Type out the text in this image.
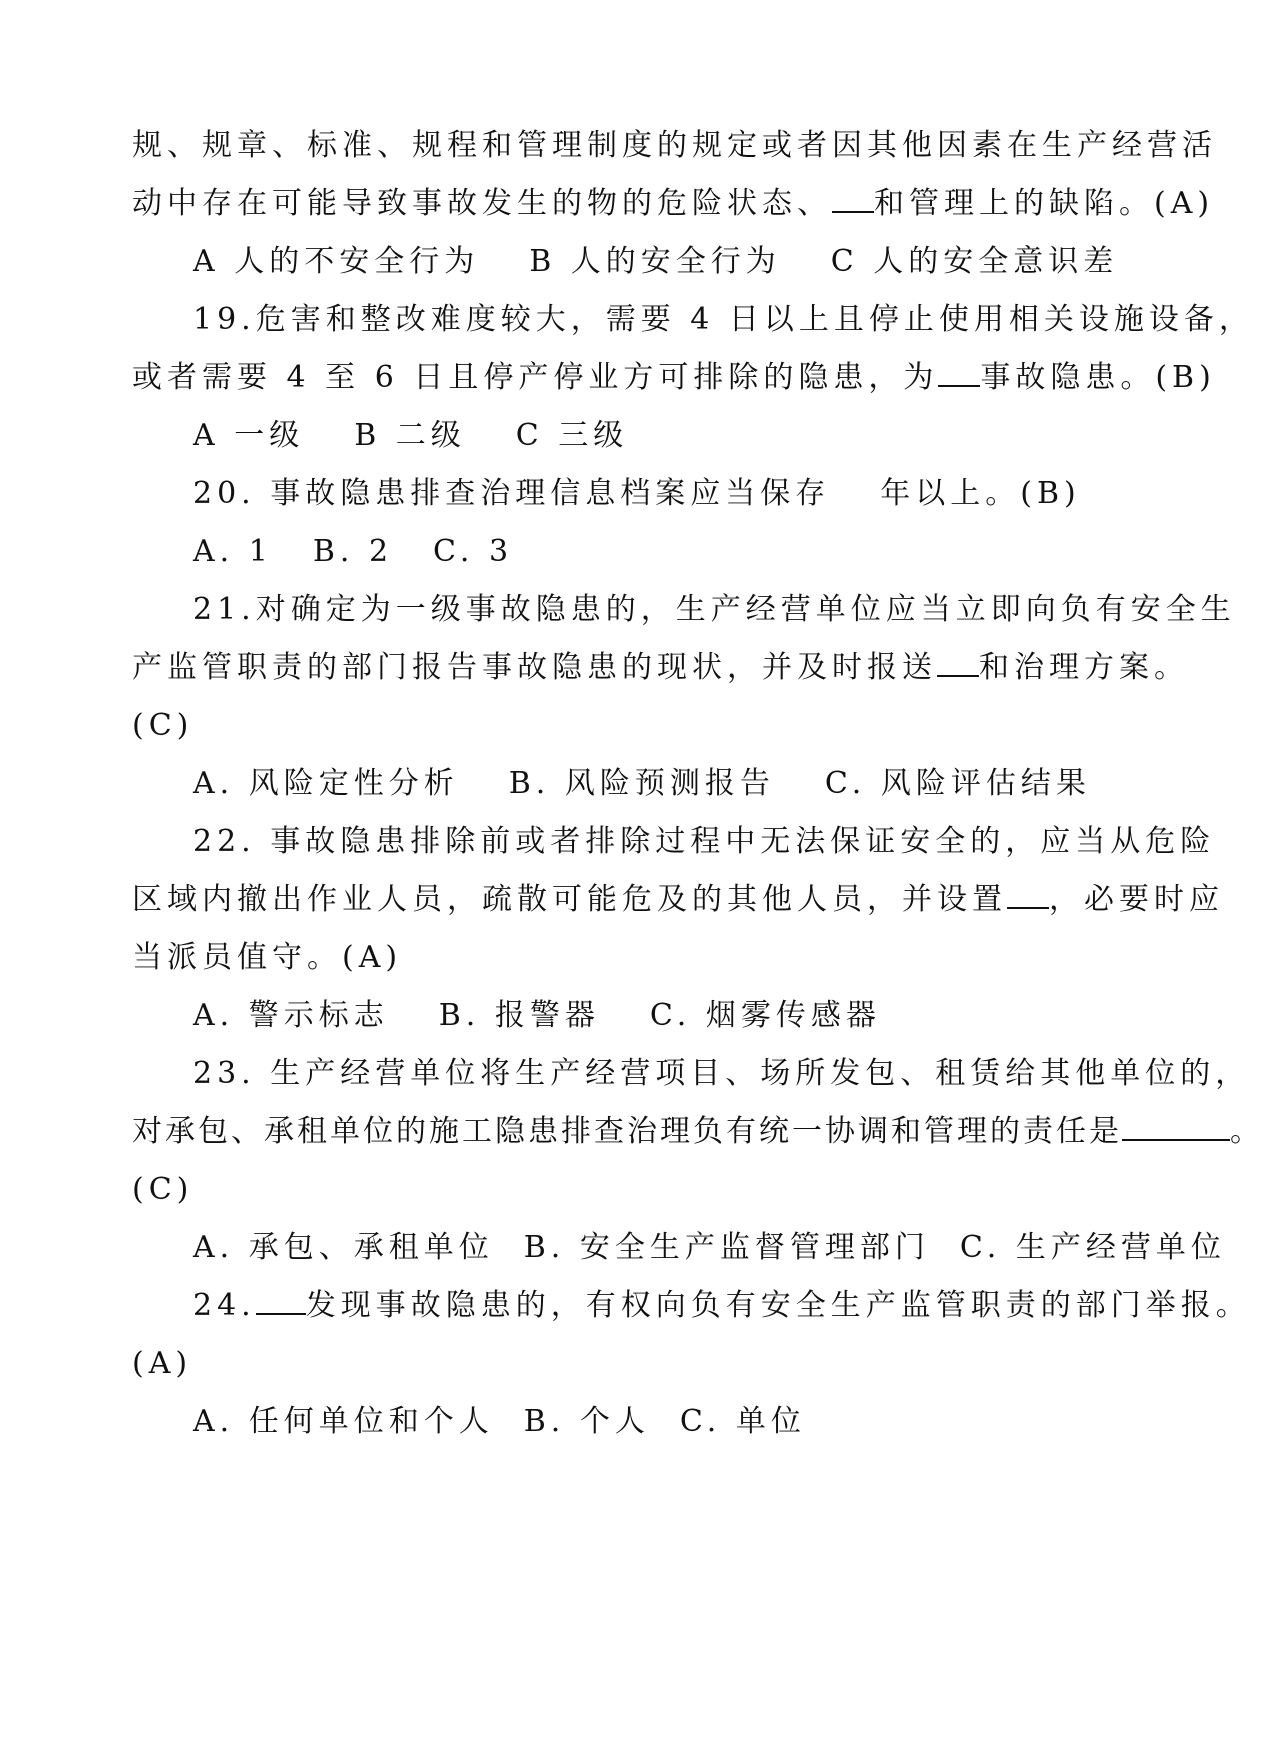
规、规章、标准、规程和管理制度的规定或者因其他因素在生产经营活
动中存在可能导致事故发生的物的危险状态、 和管理上的缺陷。(A)
A 人的不安全行为 B 人的安全行为 C 人的安全意识差
19.危害和整改难度较大，需要 4 日以上且停止使用相关设施设备，
或者需要 4 至 6 日且停产停业方可排除的隐患，为 事故隐患。(B)
A 一级 B 二级 C 三级
20. 事故隐患排查治理信息档案应当保存 年以上。(B)
A. 1 B. 2 C. 3
21.对确定为一级事故隐患的，生产经营单位应当立即向负有安全生
产监管职责的部门报告事故隐患的现状，并及时报送 和治理方案。
(C)
A. 风险定性分析 B. 风险预测报告 C. 风险评估结果
22. 事故隐患排除前或者排除过程中无法保证安全的，应当从危险
区域内撤出作业人员，疏散可能危及的其他人员，并设置 ，必要时应
当派员值守。(A)
A. 警示标志 B. 报警器 C. 烟雾传感器
23. 生产经营单位将生产经营项目、场所发包、租赁给其他单位的，
对承包、承租单位的施工隐患排查治理负有统一协调和管理的责任是	。
(C)
A. 承包、承租单位 B. 安全生产监督管理部门 C. 生产经营单位
24. 发现事故隐患的，有权向负有安全生产监管职责的部门举报。
(A)
A. 任何单位和个人 B. 个人 C. 单位
